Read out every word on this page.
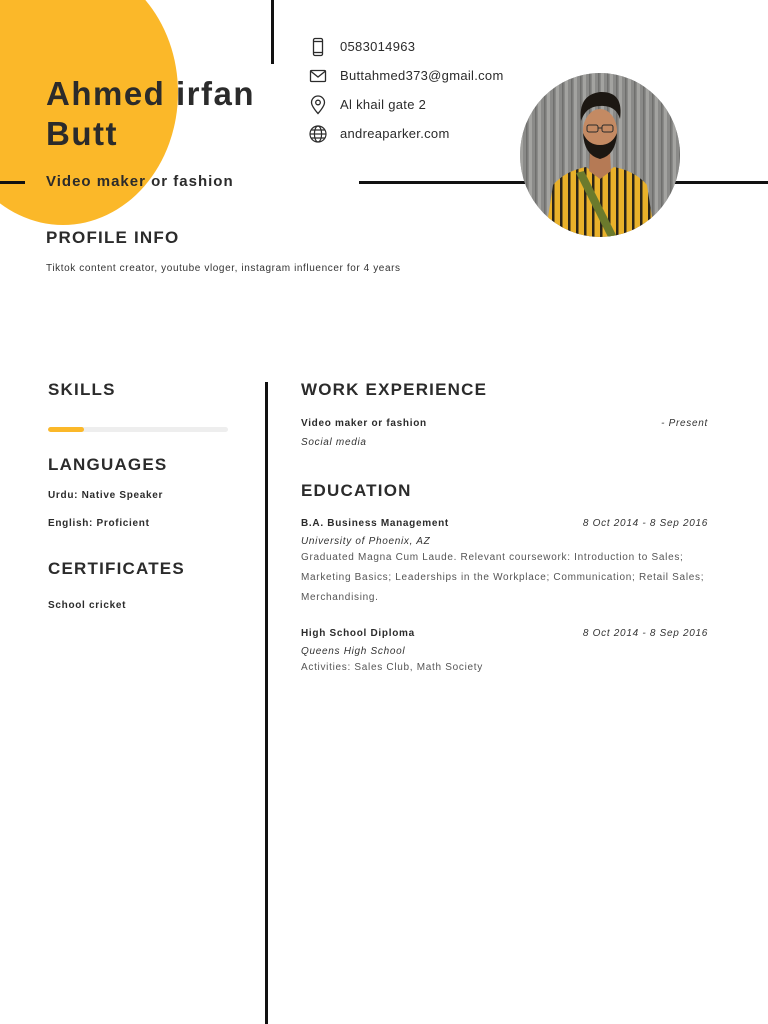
Ahmed irfan
Butt
Video maker or fashion
0583014963
Buttahmed373@gmail.com
Al khail gate 2
andreaparker.com
PROFILE INFO
Tiktok content creator, youtube vloger, instagram influencer for 4 years
SKILLS
LANGUAGES
Urdu: Native Speaker
English: Proficient
CERTIFICATES
School cricket
WORK EXPERIENCE
Video maker or fashion	- Present
Social media
EDUCATION
B.A. Business Management	8 Oct 2014 - 8 Sep 2016
University of Phoenix, AZ
Graduated Magna Cum Laude. Relevant coursework: Introduction to Sales; Marketing Basics; Leaderships in the Workplace; Communication; Retail Sales; Merchandising.
High School Diploma	8 Oct 2014 - 8 Sep 2016
Queens High School
Activities: Sales Club, Math Society
